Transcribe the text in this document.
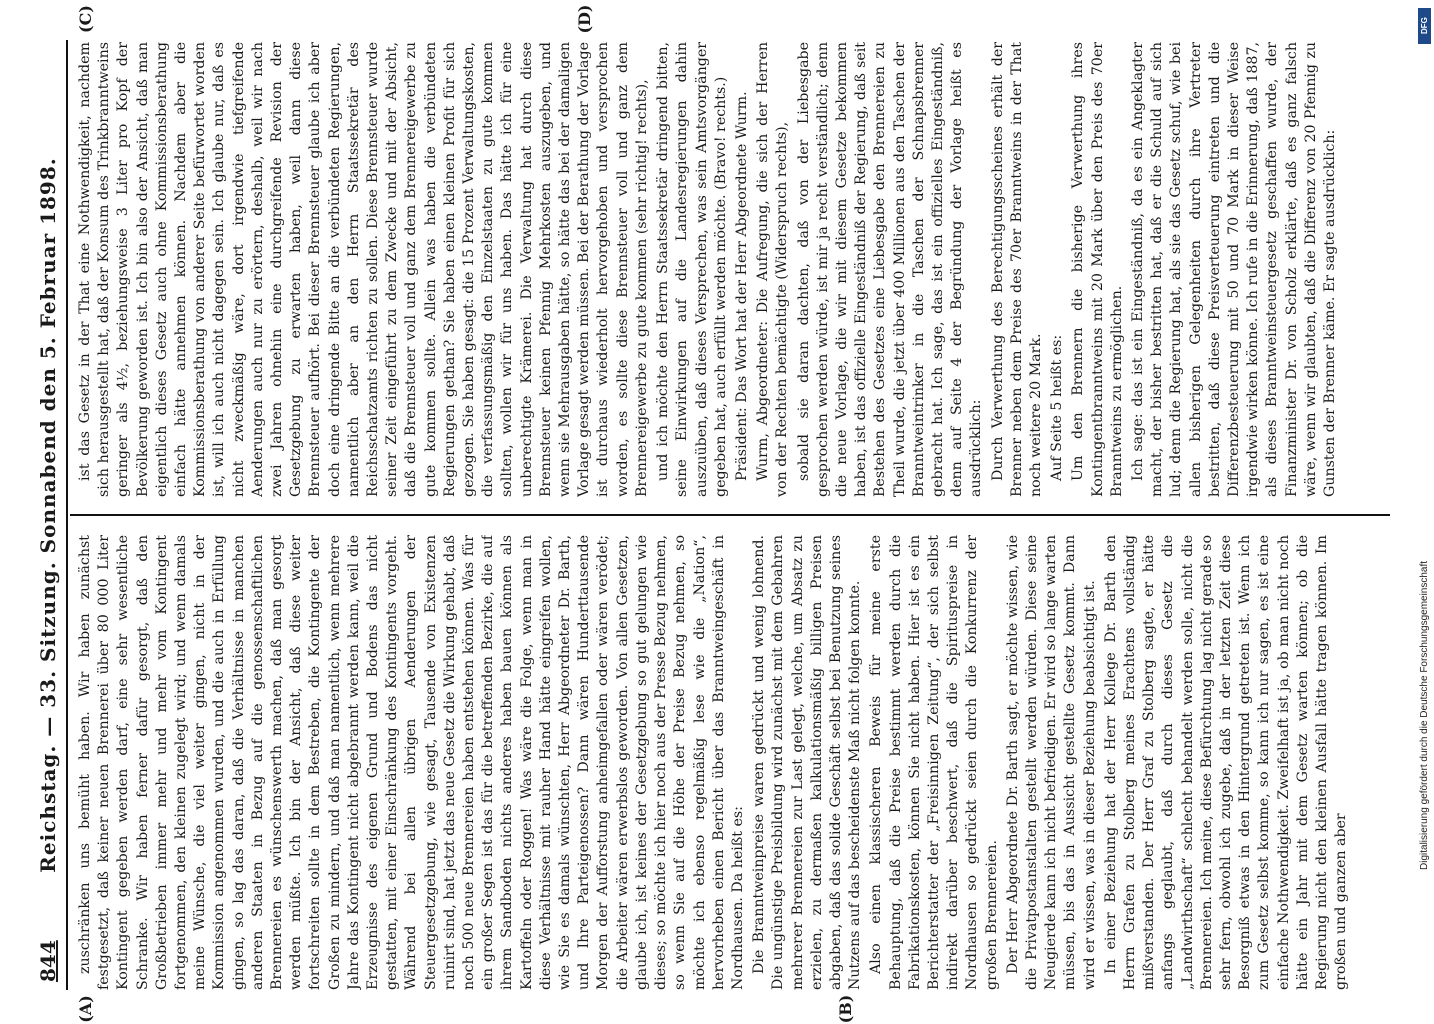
844
Reichstag. — 33. Sitzung. Sonnabend den 5. Februar 1898.
(A)	(B)
(C)	(D)

zuschränken uns bemüht haben. Wir haben zunächst festgesetzt, daß keiner neuen Brennerei über 80 000 Liter Kontingent gegeben werden darf, eine sehr wesentliche Schranke. Wir haben ferner dafür gesorgt, daß den Großbetrieben immer mehr und mehr vom Kontingent fortgenommen, den kleinen zugelegt wird; und wenn damals meine Wünsche, die viel weiter gingen, nicht in der Kommission angenommen wurden, und die auch in Erfüllung gingen, so lag das daran, daß die Verhältnisse in manchen anderen Staaten in Bezug auf die genossenschaftlichen Brennereien es wünschenswerth machen, daß man gesorgt werden müßte. Ich bin der Ansicht, daß diese weiter fortschreiten sollte in dem Bestreben, die Kontingente der Großen zu mindern, und daß man namentlich, wenn mehrere Jahre das Kontingent nicht abgebrannt werden kann, weil die Erzeugnisse des eigenen Grund und Bodens das nicht gestatten, mit einer Einschränkung des Kontingents vorgeht. Während bei allen übrigen Aenderungen der Steuergesetzgebung, wie gesagt, Tausende von Existenzen ruinirt sind, hat jetzt das neue Gesetz die Wirkung gehabt, daß noch 500 neue Brennereien haben entstehen können. Was für ein großer Segen ist das für die betreffenden Bezirke, die auf ihrem Sandboden nichts anderes haben bauen können als Kartoffeln oder Roggen! Was wäre die Folge, wenn man in diese Verhältnisse mit rauher Hand hätte eingreifen wollen, wie Sie es damals wünschten, Herr Abgeordneter Dr. Barth, und Ihre Parteigenossen? Dann wären Hunderttausende Morgen der Aufforstung anheimgefallen oder wären verödet; die Arbeiter wären erwerbslos geworden. Von allen Gesetzen, glaube ich, ist keines der Gesetzgebung so gut gelungen wie dieses; so möchte ich hier noch aus der Presse Bezug nehmen, so wenn Sie auf die Höhe der Preise Bezug nehmen, so möchte ich ebenso regelmäßig lese wie die „Nation“, hervorheben einen Bericht über das Branntweingeschäft in Nordhausen. Da heißt es: Die Branntweinpreise waren gedrückt und wenig lohnend. Die ungünstige Preisbildung wird zunächst mit dem Gebahren mehrerer Brennereien zur Last gelegt, welche, um Absatz zu erzielen, zu dermaßen kalkulationsmäßig billigen Preisen abgaben, daß das solide Geschäft selbst bei Benutzung seines Nutzens auf das bescheidenste Maß nicht folgen konnte. Also einen klassischeren Beweis für meine erste Behauptung, daß die Preise bestimmt werden durch die Fabrikationskosten, können Sie nicht haben. Hier ist es ein Berichterstatter der „Freisinnigen Zeitung“, der sich selbst indirekt darüber beschwert, daß die Spirituspreise in Nordhausen so gedrückt seien durch die Konkurrenz der großen Brennereien. Der Herr Abgeordnete Dr. Barth sagt, er möchte wissen, wie die Privatpostanstalten gestellt werden würden. Diese seine Neugierde kann ich nicht befriedigen. Er wird so lange warten müssen, bis das in Aussicht gestellte Gesetz kommt. Dann wird er wissen, was in dieser Beziehung beabsichtigt ist. In einer Beziehung hat der Herr Kollege Dr. Barth den Herrn Grafen zu Stolberg meines Erachtens vollständig mißverstanden. Der Herr Graf zu Stolberg sagte, er hätte anfangs geglaubt, daß durch dieses Gesetz die „Landwirthschaft“ schlecht behandelt werden solle, nicht die Brennereien. Ich meine, diese Befürchtung lag nicht gerade so sehr fern, obwohl ich zugebe, daß in der letzten Zeit diese Besorgniß etwas in den Hintergrund getreten ist. Wenn ich zum Gesetz selbst komme, so kann ich nur sagen, es ist eine einfache Nothwendigkeit. Zweifelhaft ist ja, ob man nicht noch hätte ein Jahr mit dem Gesetz warten können; ob die Regierung nicht den kleinen Ausfall hätte tragen können. Im großen und ganzen aber

ist das Gesetz in der That eine Nothwendigkeit, nachdem sich herausgestellt hat, daß der Konsum des Trinkbranntweins geringer als 4½, beziehungsweise 3 Liter pro Kopf der Bevölkerung geworden ist. Ich bin also der Ansicht, daß man eigentlich dieses Gesetz auch ohne Kommissionsberathung einfach hätte annehmen können. Nachdem aber die Kommissionsberathung von anderer Seite befürwortet worden ist, will ich auch nicht dagegen sein. Ich glaube nur, daß es nicht zweckmäßig wäre, dort irgendwie tiefgreifende Aenderungen auch nur zu erörtern, deshalb, weil wir nach zwei Jahren ohnehin eine durchgreifende Revision der Gesetzgebung zu erwarten haben, weil dann diese Brennsteuer aufhört. Bei dieser Brennsteuer glaube ich aber doch eine dringende Bitte an die verbündeten Regierungen, namentlich aber an den Herrn Staatssekretär des Reichsschatzamts richten zu sollen. Diese Brennsteuer wurde seiner Zeit eingeführt zu dem Zwecke und mit der Absicht, daß die Brennsteuer voll und ganz dem Brennereigewerbe zu gute kommen sollte. Allein was haben die verbündeten Regierungen gethan? Sie haben einen kleinen Profit für sich gezogen. Sie haben gesagt: die 15 Prozent Verwaltungskosten, die verfassungsmäßig den Einzelstaaten zu gute kommen sollten, wollen wir für uns haben. Das hätte ich für eine unberechtigte Krämerei. Die Verwaltung hat durch diese Brennsteuer keinen Pfennig Mehrkosten auszugeben, und wenn sie Mehrausgaben hätte, so hätte das bei der damaligen Vorlage gesagt werden müssen. Bei der Berathung der Vorlage ist durchaus wiederholt hervorgehoben und versprochen worden, es sollte diese Brennsteuer voll und ganz dem Brennereigewerbe zu gute kommen (sehr richtig! rechts), und ich möchte den Herrn Staatssekretär dringend bitten, seine Einwirkungen auf die Landesregierungen dahin auszuüben, daß dieses Versprechen, was sein Amtsvorgänger gegeben hat, auch erfüllt werden möchte. (Bravo! rechts.) Präsident: Das Wort hat der Herr Abgeordnete Wurm. Wurm, Abgeordneter: Die Aufregung, die sich der Herren von der Rechten bemächtigte (Widerspruch rechts), sobald sie daran dachten, daß von der Liebesgabe gesprochen werden würde, ist mir ja recht verständlich; denn die neue Vorlage, die wir mit diesem Gesetze bekommen haben, ist das offizielle Eingeständniß der Regierung, daß seit Bestehen des Gesetzes eine Liebesgabe den Brennereien zu Theil wurde, die jetzt über 400 Millionen aus den Taschen der Branntweintrinker in die Taschen der Schnapsbrenner gebracht hat. Ich sage, das ist ein offizielles Eingeständniß, denn auf Seite 4 der Begründung der Vorlage heißt es ausdrücklich: Durch Verwerthung des Berechtigungsscheines erhält der Brenner neben dem Preise des 70er Branntweins in der That noch weitere 20 Mark. Auf Seite 5 heißt es: Um den Brennern die bisherige Verwerthung ihres Kontingentbranntweins mit 20 Mark über den Preis des 70er Branntweins zu ermöglichen. Ich sage: das ist ein Eingeständniß, da es ein Angeklagter macht, der bisher bestritten hat, daß er die Schuld auf sich lud; denn die Regierung hat, als sie das Gesetz schuf, wie bei allen bisherigen Gelegenheiten durch ihre Vertreter bestritten, daß diese Preisverteuerung eintreten und die Differenzbesteuerung mit 50 und 70 Mark in dieser Weise irgendwie wirken könne. Ich rufe in die Erinnerung, daß 1887, als dieses Branntweinsteuergesetz geschaffen wurde, der Finanzminister Dr. von Scholz erklärte, daß es ganz falsch wäre, wenn wir glaubten, daß die Differenz von 20 Pfennig zu Gunsten der Brenner käme. Er sagte ausdrücklich:

DFG
Digitalisierung gefördert durch die Deutsche Forschungsgemeinschaft
